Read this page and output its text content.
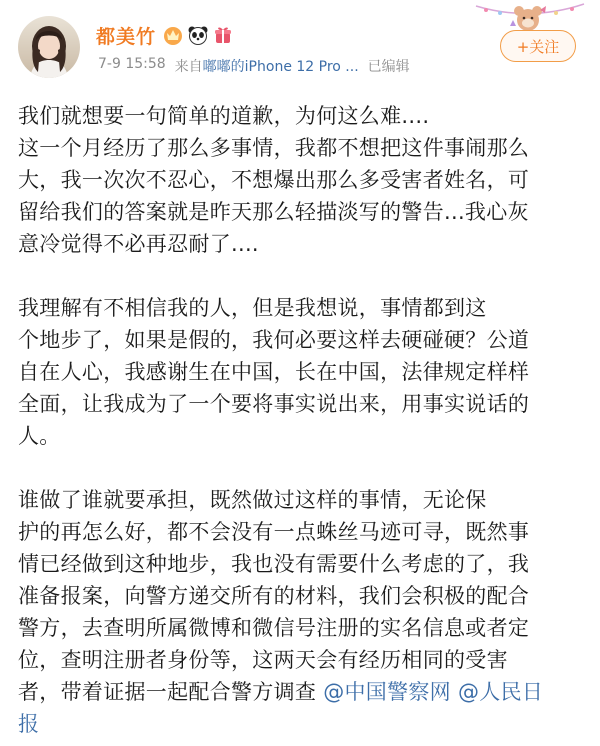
都美竹
7-9 15:58 来自 嘟嘟的iPhone 12 Pro ... 已编辑
+关注
我们就想要一句简单的道歉，为何这么难....
这一个月经历了那么多事情，我都不想把这件事闹那么
大，我一次次不忍心，不想爆出那么多受害者姓名，可
留给我们的答案就是昨天那么轻描淡写的警告...我心灰
意冷觉得不必再忍耐了....
我理解有不相信我的人，但是我想说，事情都到这
个地步了，如果是假的，我何必要这样去硬碰硬？公道
自在人心，我感谢生在中国，长在中国，法律规定样样
全面，让我成为了一个要将事实说出来，用事实说话的
人。
谁做了谁就要承担，既然做过这样的事情，无论保
护的再怎么好，都不会没有一点蛛丝马迹可寻，既然事
情已经做到这种地步，我也没有需要什么考虑的了，我
准备报案，向警方递交所有的材料，我们会积极的配合
警方，去查明所属微博和微信号注册的实名信息或者定
位，查明注册者身份等，这两天会有经历相同的受害
者，带着证据一起配合警方调查 @中国警察网 @人民日
报
